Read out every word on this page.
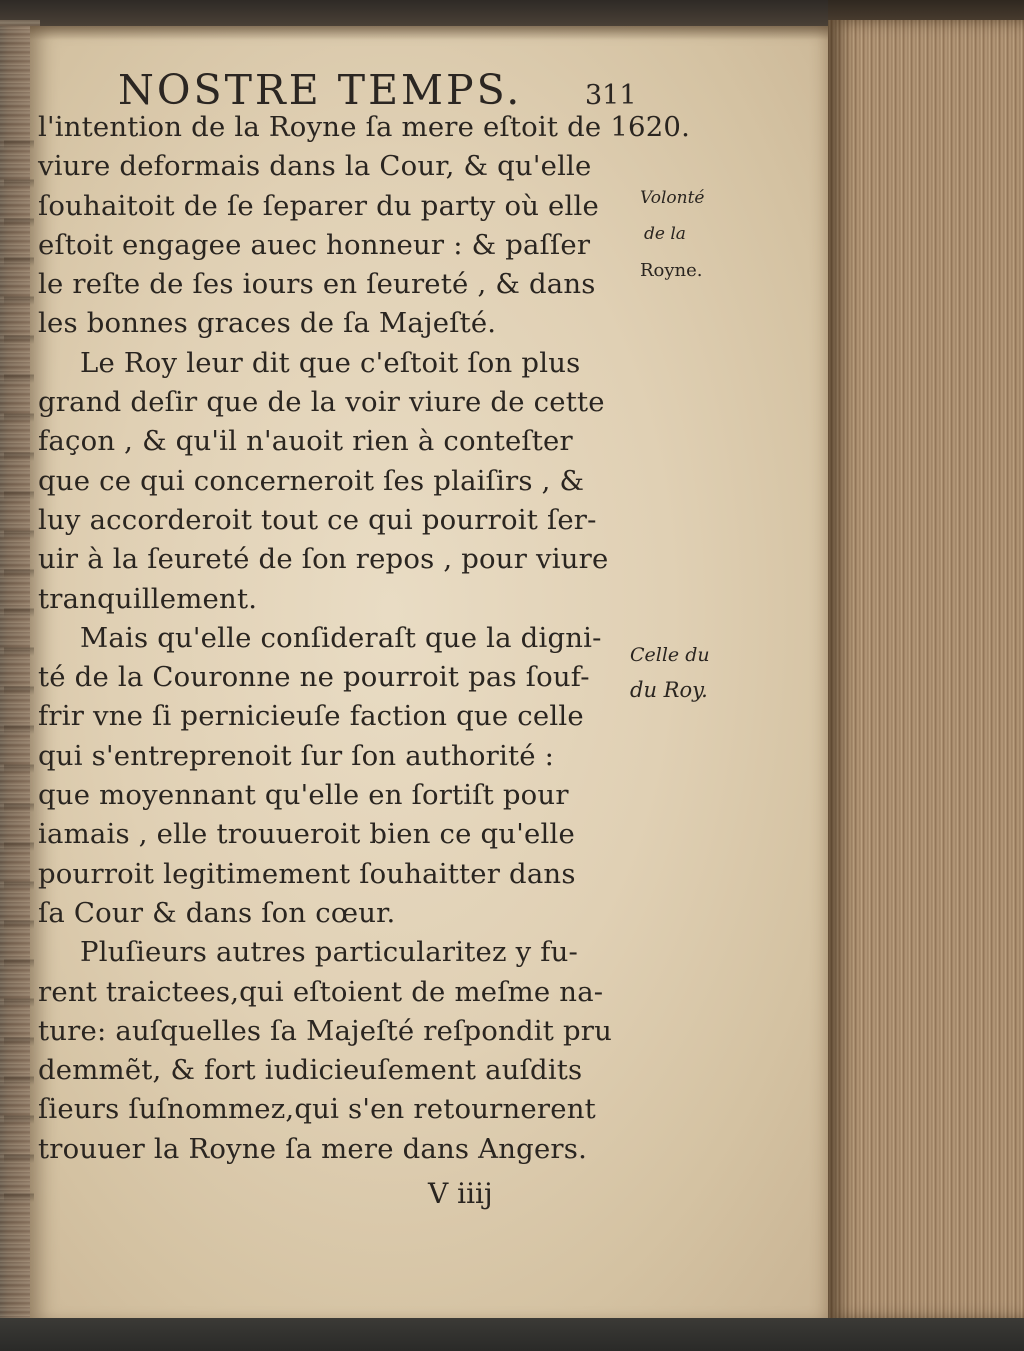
NOSTRE TEMPS. 311
l'intention de la Royne ſa mere eſtoit de 1620.
viure deformais dans la Cour, & qu'elle
ſouhaitoit de ſe ſeparer du party où elle
eſtoit engagee auec honneur : & paſſer
le reſte de ſes iours en ſeureté , & dans
les bonnes graces de ſa Majeſté.
Le Roy leur dit que c'eſtoit ſon plus
grand deſir que de la voir viure de cette
façon , & qu'il n'auoit rien à conteſter
que ce qui concerneroit ſes plaiſirs , &
luy accorderoit tout ce qui pourroit ſer-
uir à la ſeureté de ſon repos , pour viure
tranquillement.
Mais qu'elle conſideraſt que la digni-
té de la Couronne ne pourroit pas ſouf-
frir vne ſi pernicieuſe faction que celle
qui s'entreprenoit ſur ſon authorité :
que moyennant qu'elle en ſortiſt pour
iamais , elle trouueroit bien ce qu'elle
pourroit legitimement ſouhaitter dans
ſa Cour & dans ſon cœur.
Pluſieurs autres particularitez y fu-
rent traictees,qui eſtoient de meſme na-
ture: auſquelles ſa Majeſté reſpondit pru
demmẽt, & fort iudicieuſement auſdits
ſieurs ſuſnommez,qui s'en retournerent
trouuer la Royne ſa mere dans Angers.
Volonté
de la
Royne.
Celle du
du Roy.
V iiij
